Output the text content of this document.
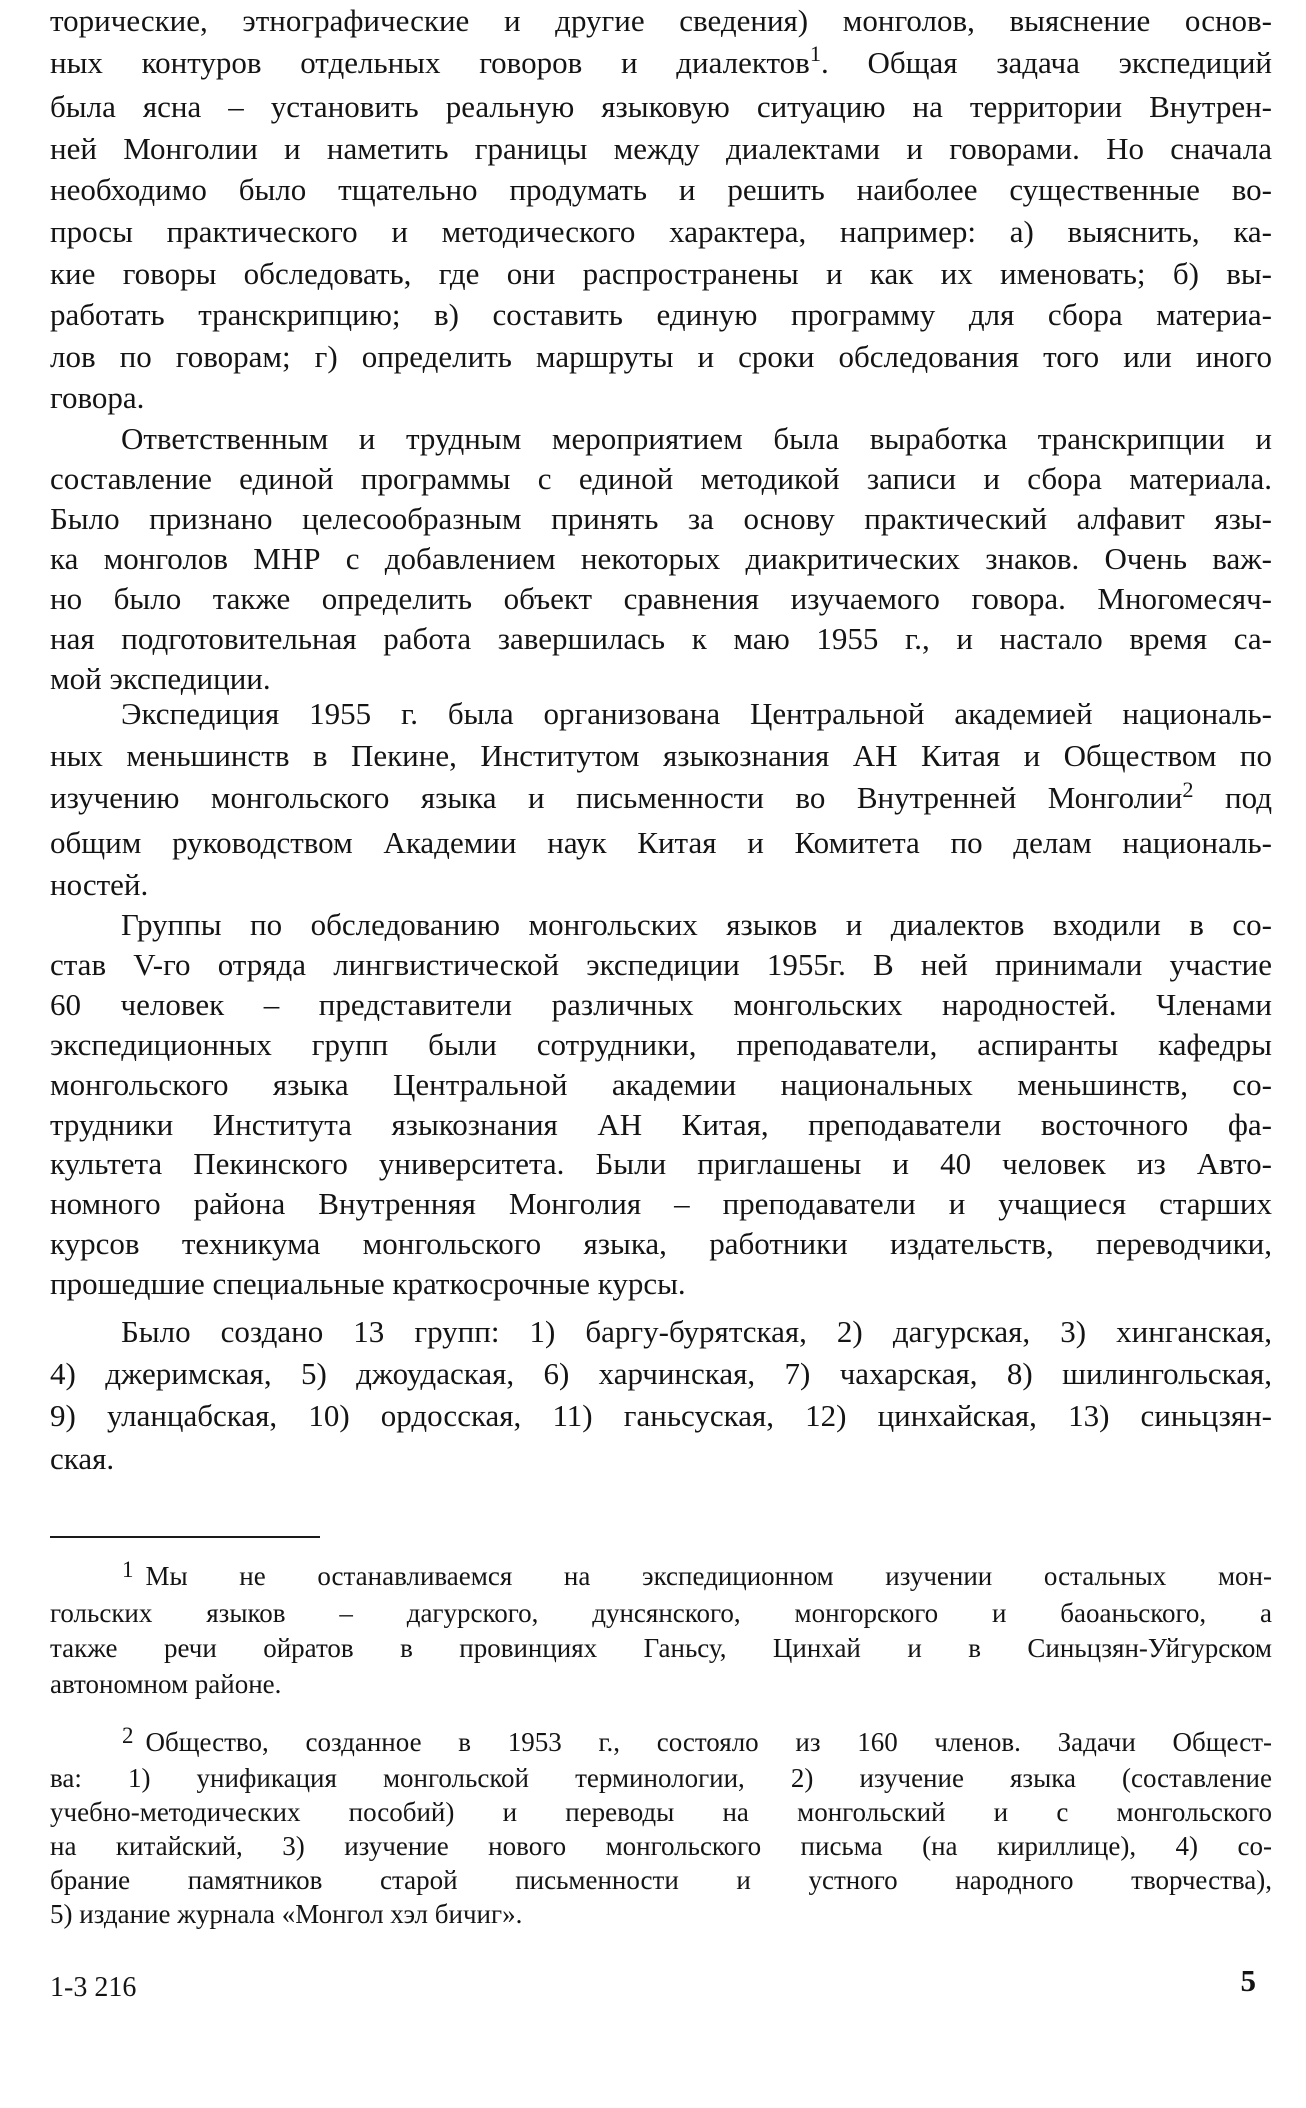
торические, этнографические и другие сведения) монголов, выяснение основ-
ных контуров отдельных говоров и диалектов$^1$. Общая задача экспедиций
была ясна – установить реальную языковую ситуацию на территории Внутрен-
ней Монголии и наметить границы между диалектами и говорами. Но сначала
необходимо было тщательно продумать и решить наиболее существенные во-
просы практического и методического характера, например: а) выяснить, ка-
кие говоры обследовать, где они распространены и как их именовать; б) вы-
работать транскрипцию; в) составить единую программу для сбора материа-
лов по говорам; г) определить маршруты и сроки обследования того или иного
говора.
Ответственным и трудным мероприятием была выработка транскрипции и
составление единой программы с единой методикой записи и сбора материала.
Было признано целесообразным принять за основу практический алфавит язы-
ка монголов МНР с добавлением некоторых диакритических знаков. Очень важ-
но было также определить объект сравнения изучаемого говора. Многомесяч-
ная подготовительная работа завершилась к маю 1955 г., и настало время са-
мой экспедиции.
Экспедиция 1955 г. была организована Центральной академией националь-
ных меньшинств в Пекине, Институтом языкознания АН Китая и Обществом по
изучению монгольского языка и письменности во Внутренней Монголии$^2$ под
общим руководством Академии наук Китая и Комитета по делам националь-
ностей.
Группы по обследованию монгольских языков и диалектов входили в со-
став V-го отряда лингвистической экспедиции 1955г. В ней принимали участие
60 человек – представители различных монгольских народностей. Членами
экспедиционных групп были сотрудники, преподаватели, аспиранты кафедры
монгольского языка Центральной академии национальных меньшинств, со-
трудники Института языкознания АН Китая, преподаватели восточного фа-
культета Пекинского университета. Были приглашены и 40 человек из Авто-
номного района Внутренняя Монголия – преподаватели и учащиеся старших
курсов техникума монгольского языка, работники издательств, переводчики,
прошедшие специальные краткосрочные курсы.
Было создано 13 групп: 1) баргу-бурятская, 2) дагурская, 3) хинганская,
4) джеримская, 5) джоудаская, 6) харчинская, 7) чахарская, 8) шилингольская,
9) уланцабская, 10) ордосская, 11) ганьсуская, 12) цинхайская, 13) синьцзян-
ская.
$^1$ Мы не останавливаемся на экспедиционном изучении остальных мон-
гольских языков – дагурского, дунсянского, монгорского и баоаньского, а
также речи ойратов в провинциях Ганьсу, Цинхай и в Синьцзян-Уйгурском
автономном районе.
$^2$ Общество, созданное в 1953 г., состояло из 160 членов. Задачи Общест-
ва: 1) унификация монгольской терминологии, 2) изучение языка (составление
учебно-методических пособий) и переводы на монгольский и с монгольского
на китайский, 3) изучение нового монгольского письма (на кириллице), 4) со-
брание памятников старой письменности и устного народного творчества),
5) издание журнала «Монгол хэл бичиг».
1-3 216	5
